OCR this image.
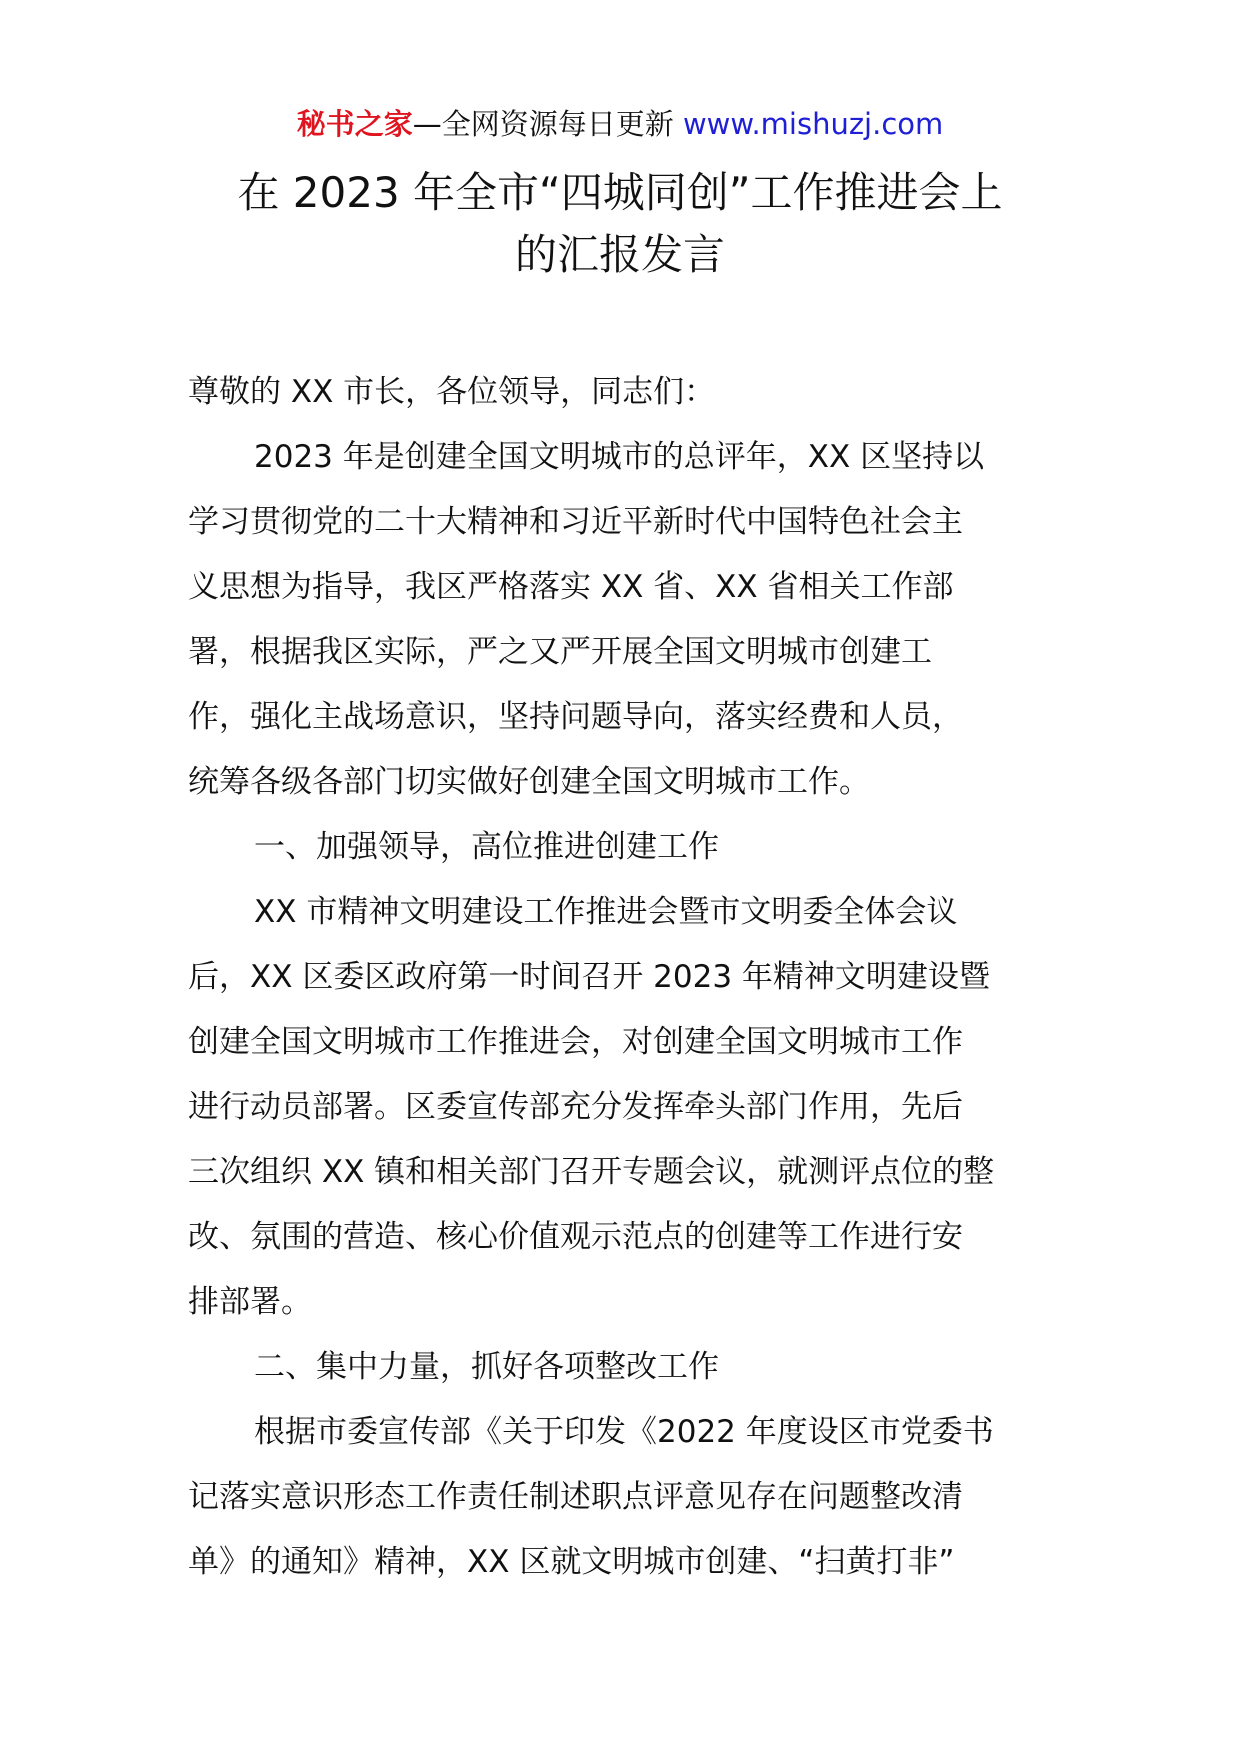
秘书之家—全网资源每日更新 www.mishuzj.com
在 2023 年全市“四城同创”工作推进会上
的汇报发言
尊敬的 XX 市长，各位领导，同志们：
2023 年是创建全国文明城市的总评年，XX 区坚持以
学习贯彻党的二十大精神和习近平新时代中国特色社会主
义思想为指导，我区严格落实 XX 省、XX 省相关工作部
署，根据我区实际，严之又严开展全国文明城市创建工
作，强化主战场意识，坚持问题导向，落实经费和人员，
统筹各级各部门切实做好创建全国文明城市工作。
一、加强领导，高位推进创建工作
XX 市精神文明建设工作推进会暨市文明委全体会议
后，XX 区委区政府第一时间召开 2023 年精神文明建设暨
创建全国文明城市工作推进会，对创建全国文明城市工作
进行动员部署。区委宣传部充分发挥牵头部门作用，先后
三次组织 XX 镇和相关部门召开专题会议，就测评点位的整
改、氛围的营造、核心价值观示范点的创建等工作进行安
排部署。
二、集中力量，抓好各项整改工作
根据市委宣传部《关于印发《2022 年度设区市党委书
记落实意识形态工作责任制述职点评意见存在问题整改清
单》的通知》精神，XX 区就文明城市创建、“扫黄打非”
